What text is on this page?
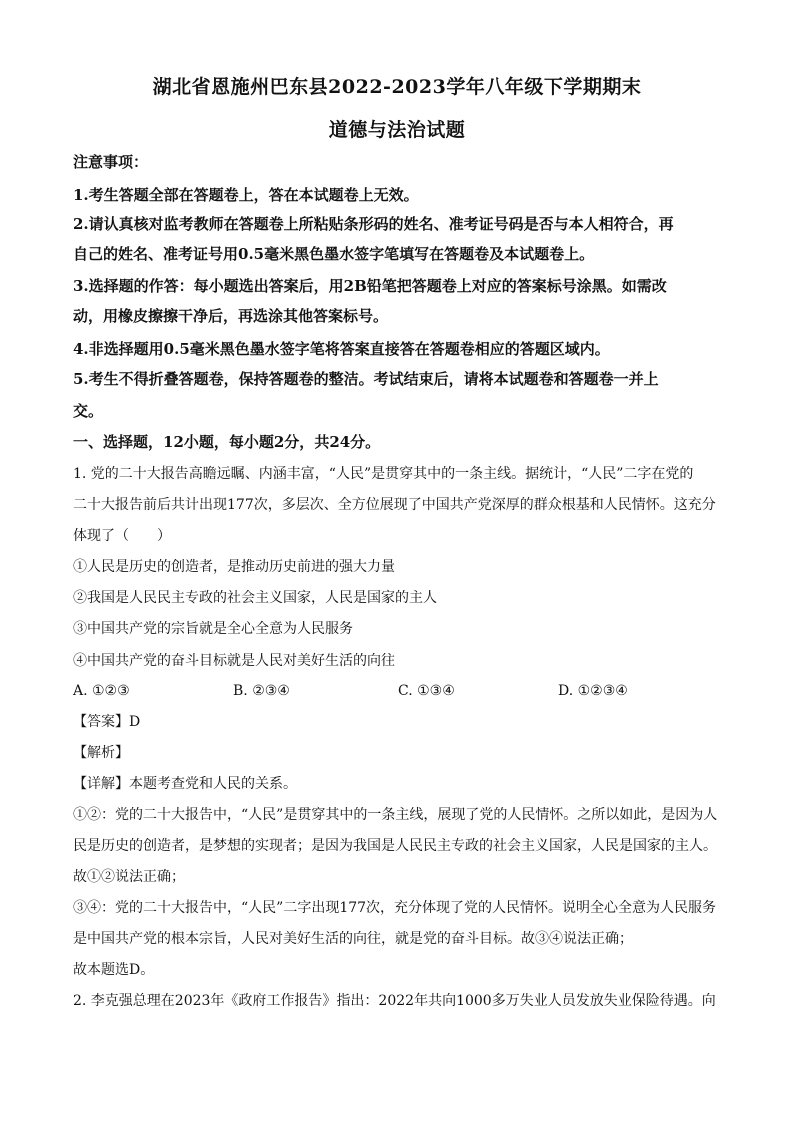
湖北省恩施州巴东县2022-2023学年八年级下学期期末
道德与法治试题
注意事项：
1.考生答题全部在答题卷上，答在本试题卷上无效。
2.请认真核对监考教师在答题卷上所粘贴条形码的姓名、准考证号码是否与本人相符合，再
自己的姓名、准考证号用0.5毫米黑色墨水签字笔填写在答题卷及本试题卷上。
3.选择题的作答：每小题选出答案后，用2B铅笔把答题卷上对应的答案标号涂黑。如需改
动，用橡皮擦擦干净后，再选涂其他答案标号。
4.非选择题用0.5毫米黑色墨水签字笔将答案直接答在答题卷相应的答题区域内。
5.考生不得折叠答题卷，保持答题卷的整洁。考试结束后，请将本试题卷和答题卷一并上
交。
一、选择题，12小题，每小题2分，共24分。
1. 党的二十大报告高瞻远瞩、内涵丰富，“人民”是贯穿其中的一条主线。据统计，“人民”二字在党的
二十大报告前后共计出现177次，多层次、全方位展现了中国共产党深厚的群众根基和人民情怀。这充分
体现了（　　）
①人民是历史的创造者，是推动历史前进的强大力量
②我国是人民民主专政的社会主义国家，人民是国家的主人
③中国共产党的宗旨就是全心全意为人民服务
④中国共产党的奋斗目标就是人民对美好生活的向往
A. ①②③	B. ②③④	C. ①③④	D. ①②③④
【答案】D
【解析】
【详解】本题考查党和人民的关系。
①②：党的二十大报告中，“人民”是贯穿其中的一条主线，展现了党的人民情怀。之所以如此，是因为人
民是历史的创造者，是梦想的实现者；是因为我国是人民民主专政的社会主义国家，人民是国家的主人。
故①②说法正确；
③④：党的二十大报告中，“人民”二字出现177次，充分体现了党的人民情怀。说明全心全意为人民服务
是中国共产党的根本宗旨，人民对美好生活的向往，就是党的奋斗目标。故③④说法正确；
故本题选D。
2. 李克强总理在2023年《政府工作报告》指出：2022年共向1000多万失业人员发放失业保险待遇。向
